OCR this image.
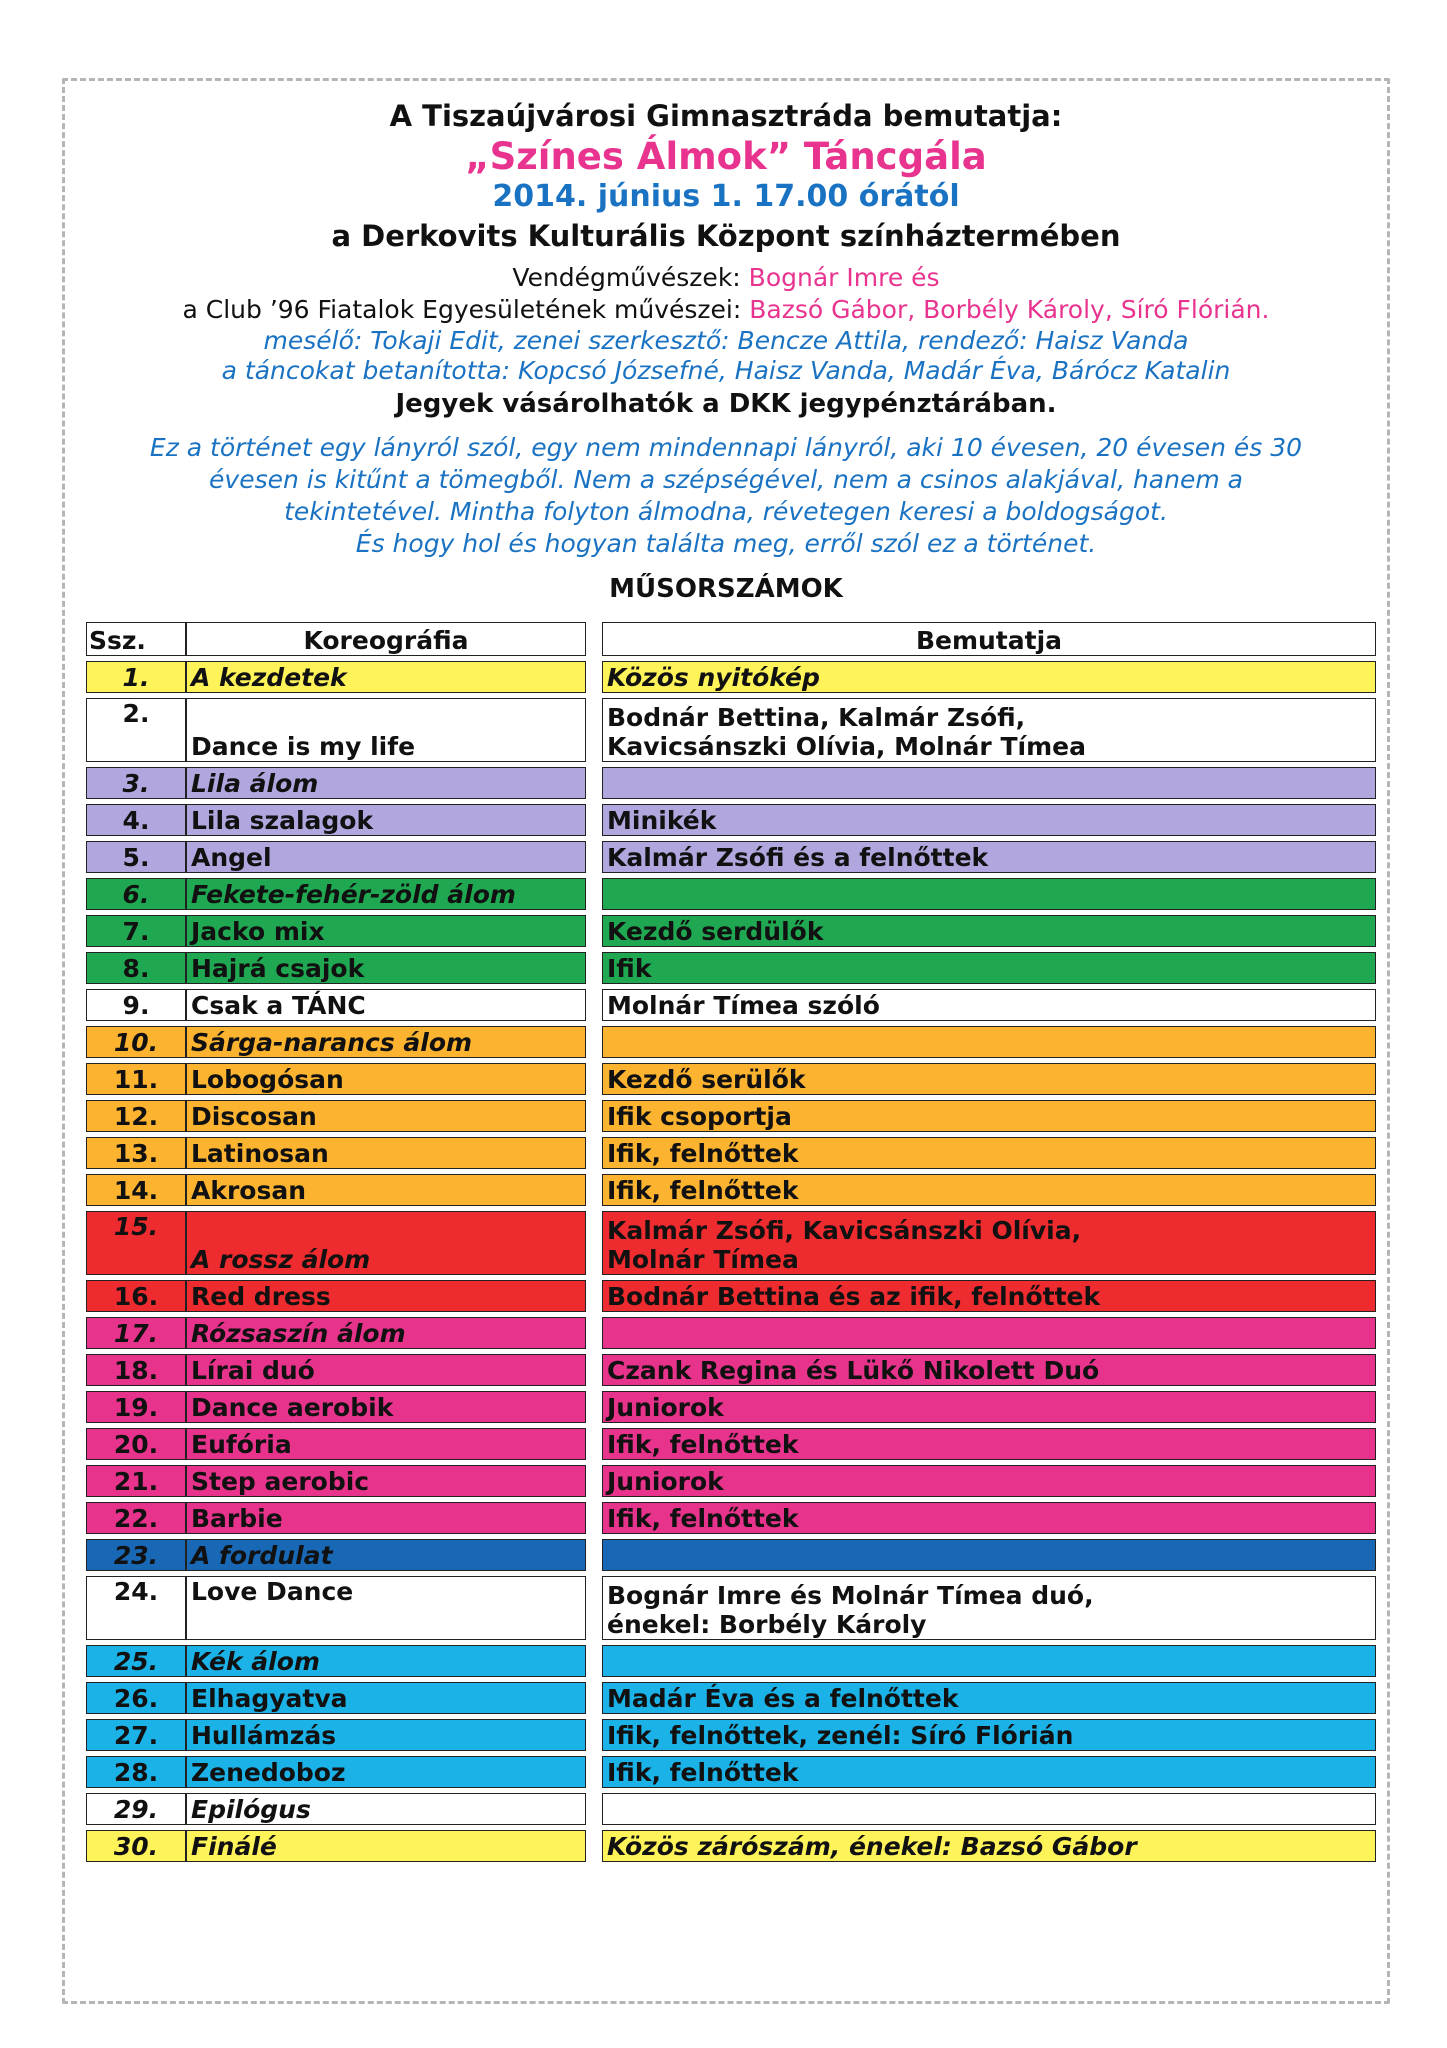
A Tiszaújvárosi Gimnasztráda bemutatja:
„Színes Álmok” Táncgála
2014. június 1. 17.00 órától
a Derkovits Kulturális Központ színháztermében
Vendégművészek: Bognár Imre és
a Club ’96 Fiatalok Egyesületének művészei: Bazsó Gábor, Borbély Károly, Síró Flórián.
mesélő: Tokaji Edit, zenei szerkesztő: Bencze Attila, rendező: Haisz Vanda
a táncokat betanította: Kopcsó Józsefné, Haisz Vanda, Madár Éva, Bárócz Katalin
Jegyek vásárolhatók a DKK jegypénztárában.
Ez a történet egy lányról szól, egy nem mindennapi lányról, aki 10 évesen, 20 évesen és 30
évesen is kitűnt a tömegből. Nem a szépségével, nem a csinos alakjával, hanem a
tekintetével. Mintha folyton álmodna, révetegen keresi a boldogságot.
És hogy hol és hogyan találta meg, erről szól ez a történet.
MŰSORSZÁMOK
Ssz.	Koreográfia		Bemutatja
1.	A kezdetek		Közös nyitókép
2.	Dance is my life		Bodnár Bettina, Kalmár Zsófi,
Kavicsánszki Olívia, Molnár Tímea

3.	Lila álom		
4.	Lila szalagok		Minikék
5.	Angel		Kalmár Zsófi és a felnőttek
6.	Fekete-fehér-zöld álom		
7.	Jacko mix		Kezdő serdülők
8.	Hajrá csajok		Ifik
9.	Csak a TÁNC		Molnár Tímea szóló
10.	Sárga-narancs álom		
11.	Lobogósan		Kezdő serülők
12.	Discosan		Ifik csoportja
13.	Latinosan		Ifik, felnőttek
14.	Akrosan		Ifik, felnőttek
15.	A rossz álom		Kalmár Zsófi, Kavicsánszki Olívia,
Molnár Tímea

16.	Red dress		Bodnár Bettina és az ifik, felnőttek
17.	Rózsaszín álom		
18.	Lírai duó		Czank Regina és Lükő Nikolett Duó
19.	Dance aerobik		Juniorok
20.	Eufória		Ifik, felnőttek
21.	Step aerobic		Juniorok
22.	Barbie		Ifik, felnőttek
23.	A fordulat		
24.	Love Dance		Bognár Imre és Molnár Tímea duó,
énekel: Borbély Károly

25.	Kék álom		
26.	Elhagyatva		Madár Éva és a felnőttek
27.	Hullámzás		Ifik, felnőttek, zenél: Síró Flórián
28.	Zenedoboz		Ifik, felnőttek
29.	Epilógus		
30.	Finálé		Közös zárószám, énekel: Bazsó Gábor
